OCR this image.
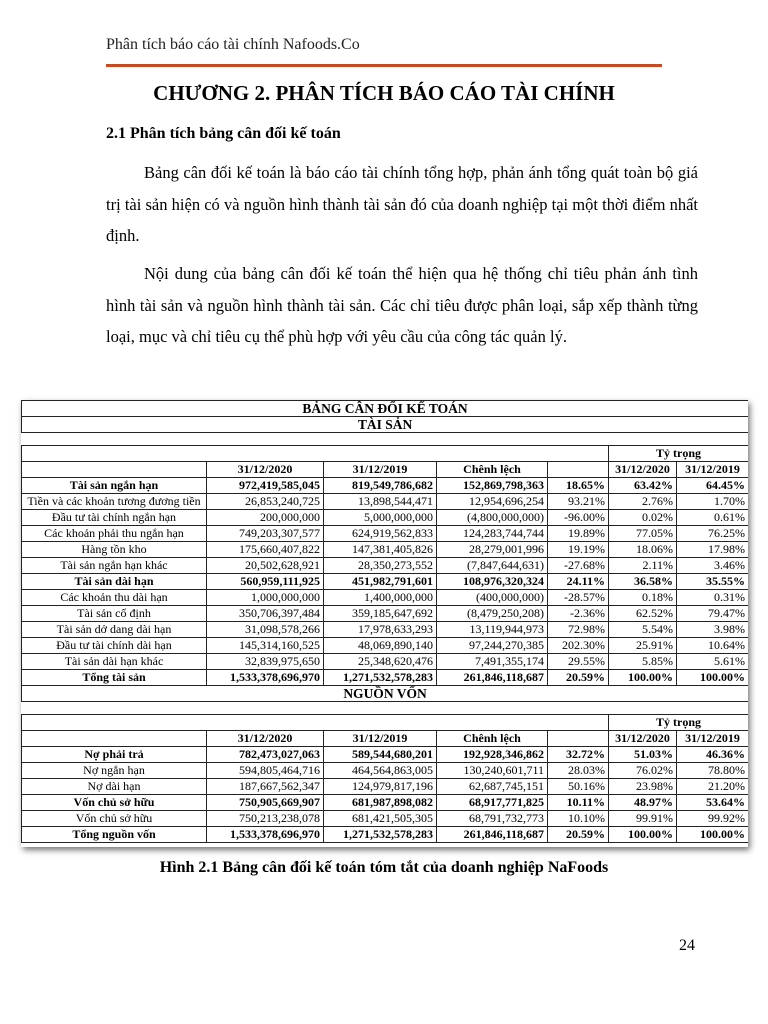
Phân tích báo cáo tài chính Nafoods.Co
CHƯƠNG 2. PHÂN TÍCH BÁO CÁO TÀI CHÍNH
2.1 Phân tích bảng cân đối kế toán
Bảng cân đối kế toán là báo cáo tài chính tổng hợp, phản ánh tổng quát toàn bộ giá trị tài sản hiện có và nguồn hình thành tài sản đó của doanh nghiệp tại một thời điểm nhất định.
Nội dung của bảng cân đối kế toán thể hiện qua hệ thống chỉ tiêu phản ánh tình hình tài sản và nguồn hình thành tài sản. Các chỉ tiêu được phân loại, sắp xếp thành từng loại, mục và chỉ tiêu cụ thể phù hợp với yêu cầu của công tác quản lý.
BẢNG CÂN ĐỐI KẾ TOÁN						
TÀI SẢN						

					Tỷ trọng	
	31/12/2020	31/12/2019	Chênh lệch		31/12/2020	31/12/2019
Tài sản ngắn hạn	972,419,585,045	819,549,786,682	152,869,798,363	18.65%	63.42%	64.45%
Tiền và các khoản tương đương tiền	26,853,240,725	13,898,544,471	12,954,696,254	93.21%	2.76%	1.70%
Đầu tư tài chính ngắn hạn	200,000,000	5,000,000,000	(4,800,000,000)	-96.00%	0.02%	0.61%
Các khoản phải thu ngắn hạn	749,203,307,577	624,919,562,833	124,283,744,744	19.89%	77.05%	76.25%
Hàng tồn kho	175,660,407,822	147,381,405,826	28,279,001,996	19.19%	18.06%	17.98%
Tài sản ngắn hạn khác	20,502,628,921	28,350,273,552	(7,847,644,631)	-27.68%	2.11%	3.46%
Tài sản dài hạn	560,959,111,925	451,982,791,601	108,976,320,324	24.11%	36.58%	35.55%
Các khoản thu dài hạn	1,000,000,000	1,400,000,000	(400,000,000)	-28.57%	0.18%	0.31%
Tài sản cố định	350,706,397,484	359,185,647,692	(8,479,250,208)	-2.36%	62.52%	79.47%
Tài sản dở dang dài hạn	31,098,578,266	17,978,633,293	13,119,944,973	72.98%	5.54%	3.98%
Đầu tư tài chính dài hạn	145,314,160,525	48,069,890,140	97,244,270,385	202.30%	25.91%	10.64%
Tài sản dài hạn khác	32,839,975,650	25,348,620,476	7,491,355,174	29.55%	5.85%	5.61%
Tổng tài sản	1,533,378,696,970	1,271,532,578,283	261,846,118,687	20.59%	100.00%	100.00%
NGUỒN VỐN						

					Tỷ trọng	
	31/12/2020	31/12/2019	Chênh lệch		31/12/2020	31/12/2019
Nợ phải trả	782,473,027,063	589,544,680,201	192,928,346,862	32.72%	51.03%	46.36%
Nợ ngắn hạn	594,805,464,716	464,564,863,005	130,240,601,711	28.03%	76.02%	78.80%
Nợ dài hạn	187,667,562,347	124,979,817,196	62,687,745,151	50.16%	23.98%	21.20%
Vốn chủ sở hữu	750,905,669,907	681,987,898,082	68,917,771,825	10.11%	48.97%	53.64%
Vốn chủ sở hữu	750,213,238,078	681,421,505,305	68,791,732,773	10.10%	99.91%	99.92%
Tổng nguồn vốn	1,533,378,696,970	1,271,532,578,283	261,846,118,687	20.59%	100.00%	100.00%
Hình 2.1 Bảng cân đối kế toán tóm tắt của doanh nghiệp NaFoods
24
